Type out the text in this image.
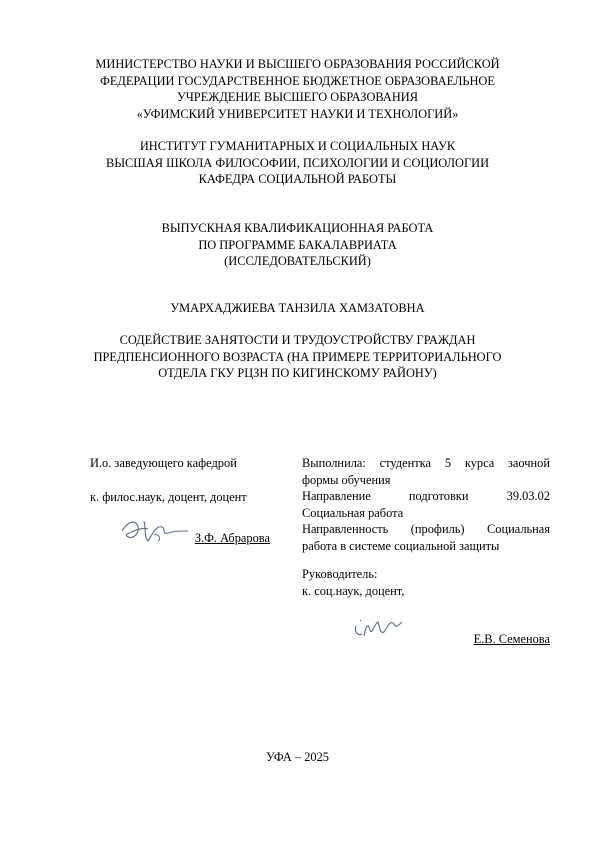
МИНИСТЕРСТВО НАУКИ И ВЫСШЕГО ОБРАЗОВАНИЯ РОССИЙСКОЙ
ФЕДЕРАЦИИ ГОСУДАРСТВЕННОЕ БЮДЖЕТНОЕ ОБРАЗОВАЕЛЬНОЕ
УЧРЕЖДЕНИЕ ВЫСШЕГО ОБРАЗОВАНИЯ
«УФИМСКИЙ УНИВЕРСИТЕТ НАУКИ И ТЕХНОЛОГИЙ»
ИНСТИТУТ ГУМАНИТАРНЫХ И СОЦИАЛЬНЫХ НАУК
ВЫСШАЯ ШКОЛА ФИЛОСОФИИ, ПСИХОЛОГИИ И СОЦИОЛОГИИ
КАФЕДРА СОЦИАЛЬНОЙ РАБОТЫ
ВЫПУСКНАЯ КВАЛИФИКАЦИОННАЯ РАБОТА
ПО ПРОГРАММЕ БАКАЛАВРИАТА
(ИССЛЕДОВАТЕЛЬСКИЙ)
УМАРХАДЖИЕВА ТАНЗИЛА ХАМЗАТОВНА
СОДЕЙСТВИЕ ЗАНЯТОСТИ И ТРУДОУСТРОЙСТВУ ГРАЖДАН
ПРЕДПЕНСИОННОГО ВОЗРАСТА (НА ПРИМЕРЕ ТЕРРИТОРИАЛЬНОГО
ОТДЕЛА ГКУ РЦЗН ПО КИГИНСКОМУ РАЙОНУ)
И.о. заведующего кафедрой
к. филос.наук, доцент, доцент
З.Ф. Абрарова
Выполнила: студентка 5 курса заочной
формы обучения
Направление	подготовки	39.03.02
Социальная работа
Направленность (профиль) Социальная
работа в системе социальной защиты
Руководитель:
к. соц.наук, доцент,
Е.В. Семенова
УФА – 2025
